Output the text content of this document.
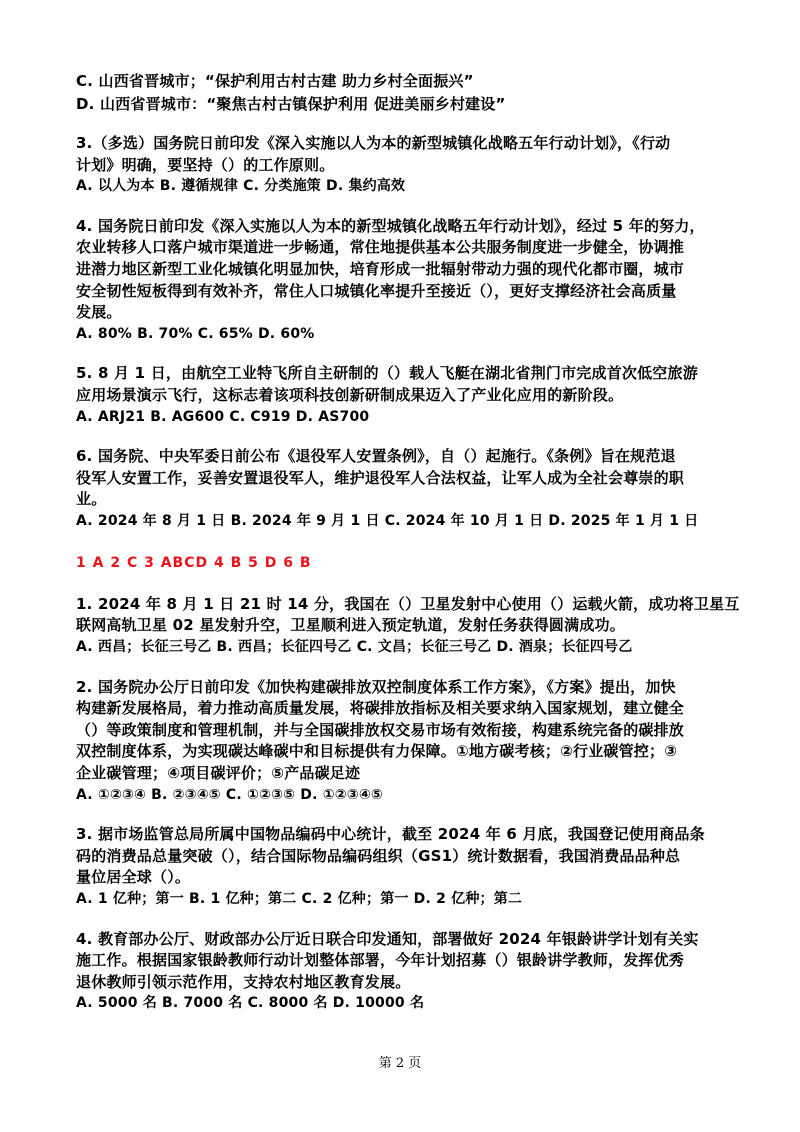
C. 山西省晋城市；“保护利用古村古建 助力乡村全面振兴”

D. 山西省晋城市：“聚焦古村古镇保护利用 促进美丽乡村建设”

3.（多选）国务院日前印发《深入实施以人为本的新型城镇化战略五年行动计划》，《行动

计划》明确，要坚持（）的工作原则。

A. 以人为本 B. 遵循规律 C. 分类施策 D. 集约高效

4. 国务院日前印发《深入实施以人为本的新型城镇化战略五年行动计划》，经过 5 年的努力，

农业转移人口落户城市渠道进一步畅通，常住地提供基本公共服务制度进一步健全，协调推

进潜力地区新型工业化城镇化明显加快，培育形成一批辐射带动力强的现代化都市圈，城市

安全韧性短板得到有效补齐，常住人口城镇化率提升至接近（），更好支撑经济社会高质量

发展。

A. 80% B. 70% C. 65% D. 60%

5. 8 月 1 日，由航空工业特飞所自主研制的（）载人飞艇在湖北省荆门市完成首次低空旅游

应用场景演示飞行，这标志着该项科技创新研制成果迈入了产业化应用的新阶段。

A. ARJ21 B. AG600 C. C919 D. AS700

6. 国务院、中央军委日前公布《退役军人安置条例》，自（）起施行。《条例》旨在规范退

役军人安置工作，妥善安置退役军人，维护退役军人合法权益，让军人成为全社会尊崇的职

业。

A. 2024 年 8 月 1 日 B. 2024 年 9 月 1 日 C. 2024 年 10 月 1 日 D. 2025 年 1 月 1 日

1 A 2 C 3 ABCD 4 B 5 D 6 B

1. 2024 年 8 月 1 日 21 时 14 分，我国在（）卫星发射中心使用（）运载火箭，成功将卫星互

联网高轨卫星 02 星发射升空，卫星顺利进入预定轨道，发射任务获得圆满成功。

A. 西昌；长征三号乙 B. 西昌；长征四号乙 C. 文昌；长征三号乙 D. 酒泉；长征四号乙

2. 国务院办公厅日前印发《加快构建碳排放双控制度体系工作方案》，《方案》提出，加快

构建新发展格局，着力推动高质量发展，将碳排放指标及相关要求纳入国家规划，建立健全

（）等政策制度和管理机制，并与全国碳排放权交易市场有效衔接，构建系统完备的碳排放

双控制度体系，为实现碳达峰碳中和目标提供有力保障。①地方碳考核；②行业碳管控；③

企业碳管理；④项目碳评价；⑤产品碳足迹

A. ①②③④ B. ②③④⑤ C. ①②③⑤ D. ①②③④⑤

3. 据市场监管总局所属中国物品编码中心统计，截至 2024 年 6 月底，我国登记使用商品条

码的消费品总量突破（），结合国际物品编码组织（GS1）统计数据看，我国消费品品种总

量位居全球（）。

A. 1 亿种；第一 B. 1 亿种；第二 C. 2 亿种；第一 D. 2 亿种；第二

4. 教育部办公厅、财政部办公厅近日联合印发通知，部署做好 2024 年银龄讲学计划有关实

施工作。根据国家银龄教师行动计划整体部署，今年计划招募（）银龄讲学教师，发挥优秀

退休教师引领示范作用，支持农村地区教育发展。

A. 5000 名 B. 7000 名 C. 8000 名 D. 10000 名

第 2 页
